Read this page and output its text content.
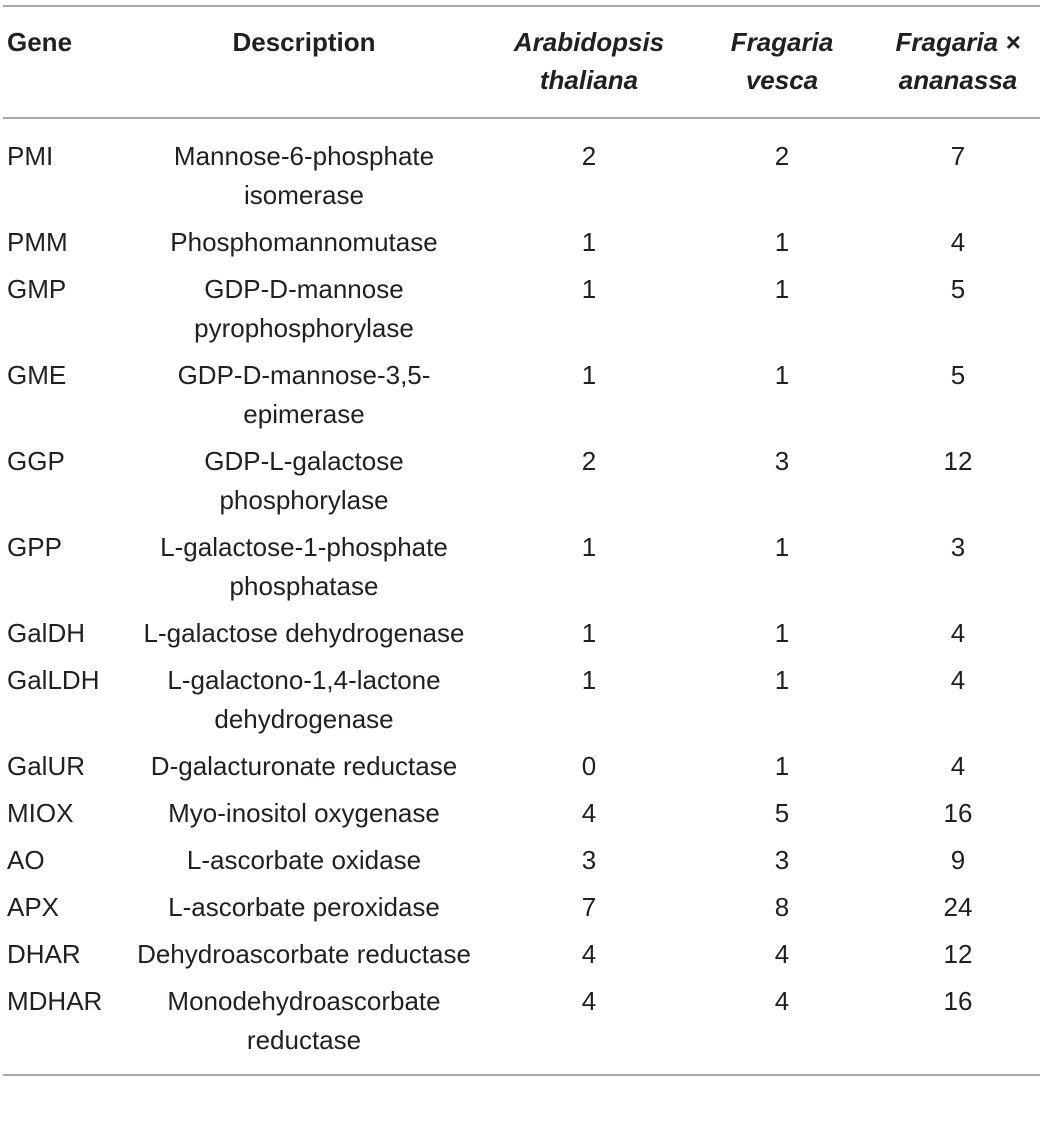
Gene	Description	Arabidopsis thaliana	Fragaria vesca	Fragaria × ananassa
PMI	Mannose-6-phosphate isomerase	2	2	7
PMM	Phosphomannomutase	1	1	4
GMP	GDP-D-mannose pyrophosphorylase	1	1	5
GME	GDP-D-mannose-3,5-epimerase	1	1	5
GGP	GDP-L-galactose phosphorylase	2	3	12
GPP	L-galactose-1-phosphate phosphatase	1	1	3
GalDH	L-galactose dehydrogenase	1	1	4
GalLDH	L-galactono-1,4-lactone dehydrogenase	1	1	4
GalUR	D-galacturonate reductase	0	1	4
MIOX	Myo-inositol oxygenase	4	5	16
AO	L-ascorbate oxidase	3	3	9
APX	L-ascorbate peroxidase	7	8	24
DHAR	Dehydroascorbate reductase	4	4	12
MDHAR	Monodehydroascorbate reductase	4	4	16
